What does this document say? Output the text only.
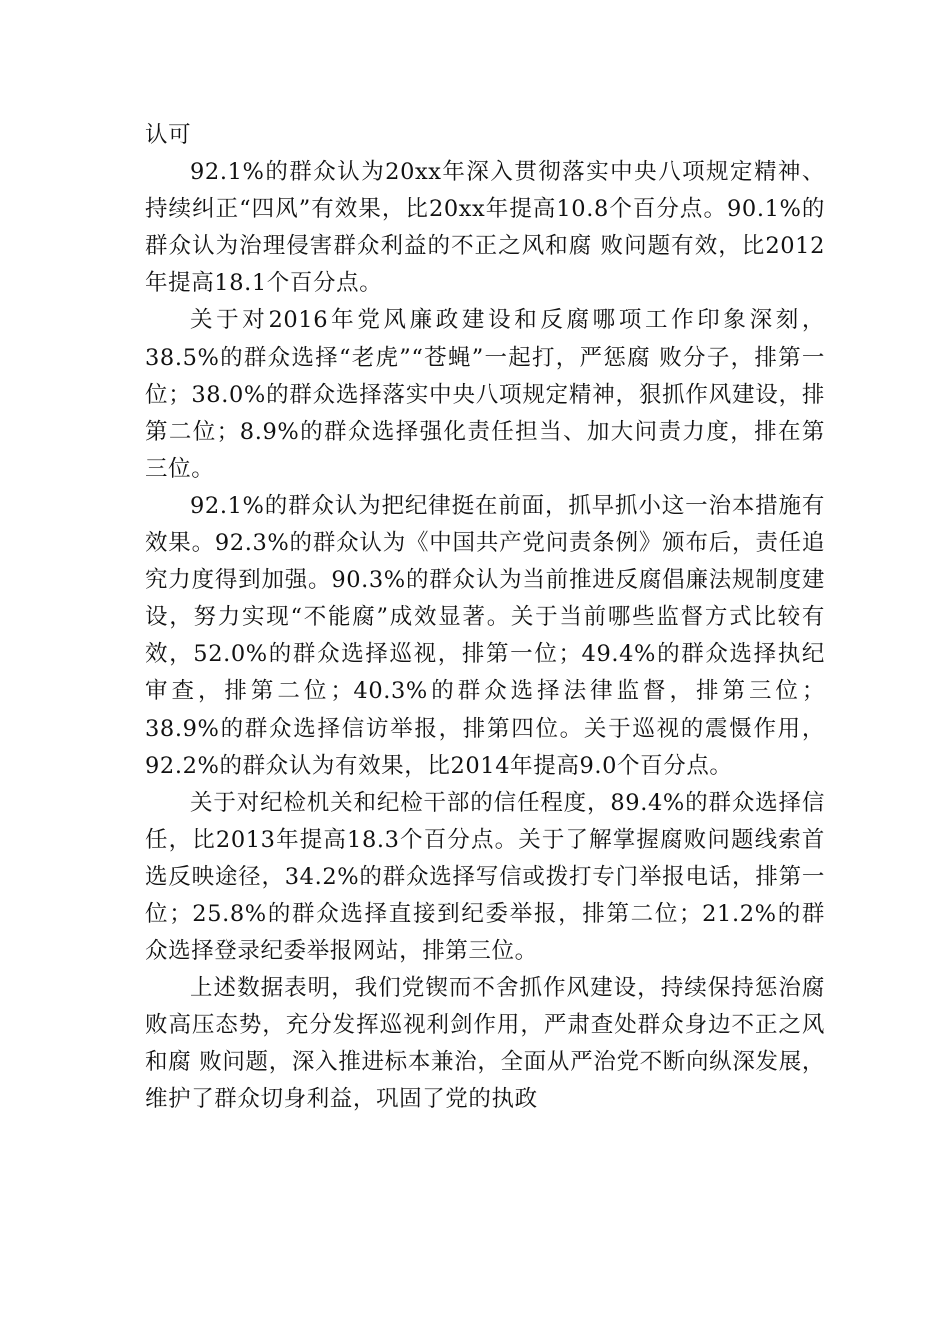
认可

92.1%的群众认为20xx年深入贯彻落实中央八项规定精神、持续纠正“四风”有效果，比20xx年提高10.8个百分点。90.1%的群众认为治理侵害群众利益的不正之风和腐 败问题有效，比2012年提高18.1个百分点。

关于对2016年党风廉政建设和反腐哪项工作印象深刻，38.5%的群众选择“老虎”“苍蝇”一起打，严惩腐 败分子，排第一位；38.0%的群众选择落实中央八项规定精神，狠抓作风建设，排第二位；8.9%的群众选择强化责任担当、加大问责力度，排在第三位。

92.1%的群众认为把纪律挺在前面，抓早抓小这一治本措施有效果。92.3%的群众认为《中国共产党问责条例》颁布后，责任追究力度得到加强。90.3%的群众认为当前推进反腐倡廉法规制度建设，努力实现“不能腐”成效显著。关于当前哪些监督方式比较有效，52.0%的群众选择巡视，排第一位；49.4%的群众选择执纪审查，排第二位；40.3%的群众选择法律监督，排第三位；38.9%的群众选择信访举报，排第四位。关于巡视的震慑作用，92.2%的群众认为有效果，比2014年提高9.0个百分点。

关于对纪检机关和纪检干部的信任程度，89.4%的群众选择信任，比2013年提高18.3个百分点。关于了解掌握腐败问题线索首选反映途径，34.2%的群众选择写信或拨打专门举报电话，排第一位；25.8%的群众选择直接到纪委举报，排第二位；21.2%的群众选择登录纪委举报网站，排第三位。

上述数据表明，我们党锲而不舍抓作风建设，持续保持惩治腐 败高压态势，充分发挥巡视利剑作用，严肃查处群众身边不正之风和腐 败问题，深入推进标本兼治，全面从严治党不断向纵深发展，维护了群众切身利益，巩固了党的执政
